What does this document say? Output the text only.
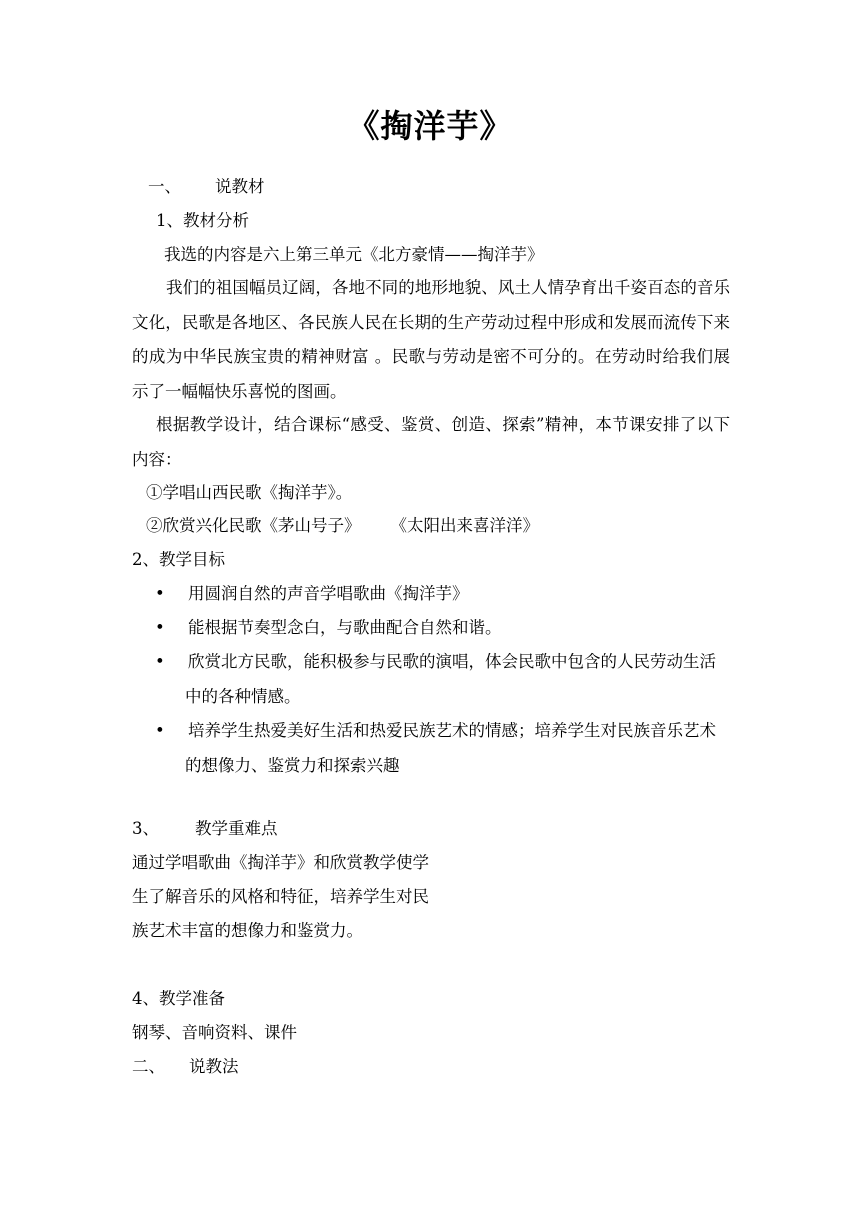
《掏洋芋》
一、 说教材
1、教材分析
我选的内容是六上第三单元《北方豪情——掏洋芋》
我们的祖国幅员辽阔，各地不同的地形地貌、风土人情孕育出千姿百态的音乐文化，民歌是各地区、各民族人民在长期的生产劳动过程中形成和发展而流传下来的成为中华民族宝贵的精神财富 。民歌与劳动是密不可分的。在劳动时给我们展示了一幅幅快乐喜悦的图画。
根据教学设计，结合课标“感受、鉴赏、创造、探索”精神，本节课安排了以下内容：
①学唱山西民歌《掏洋芋》。
②欣赏兴化民歌《茅山号子》 《太阳出来喜洋洋》
2、教学目标
•	用圆润自然的声音学唱歌曲《掏洋芋》
•	能根据节奏型念白，与歌曲配合自然和谐。
•	欣赏北方民歌，能积极参与民歌的演唱，体会民歌中包含的人民劳动生活中的各种情感。
•	培养学生热爱美好生活和热爱民族艺术的情感；培养学生对民族音乐艺术的想像力、鉴赏力和探索兴趣
3、 教学重难点
通过学唱歌曲《掏洋芋》和欣赏教学使学
生了解音乐的风格和特征，培养学生对民
族艺术丰富的想像力和鉴赏力。
4、教学准备
钢琴、音响资料、课件
二、 说教法
